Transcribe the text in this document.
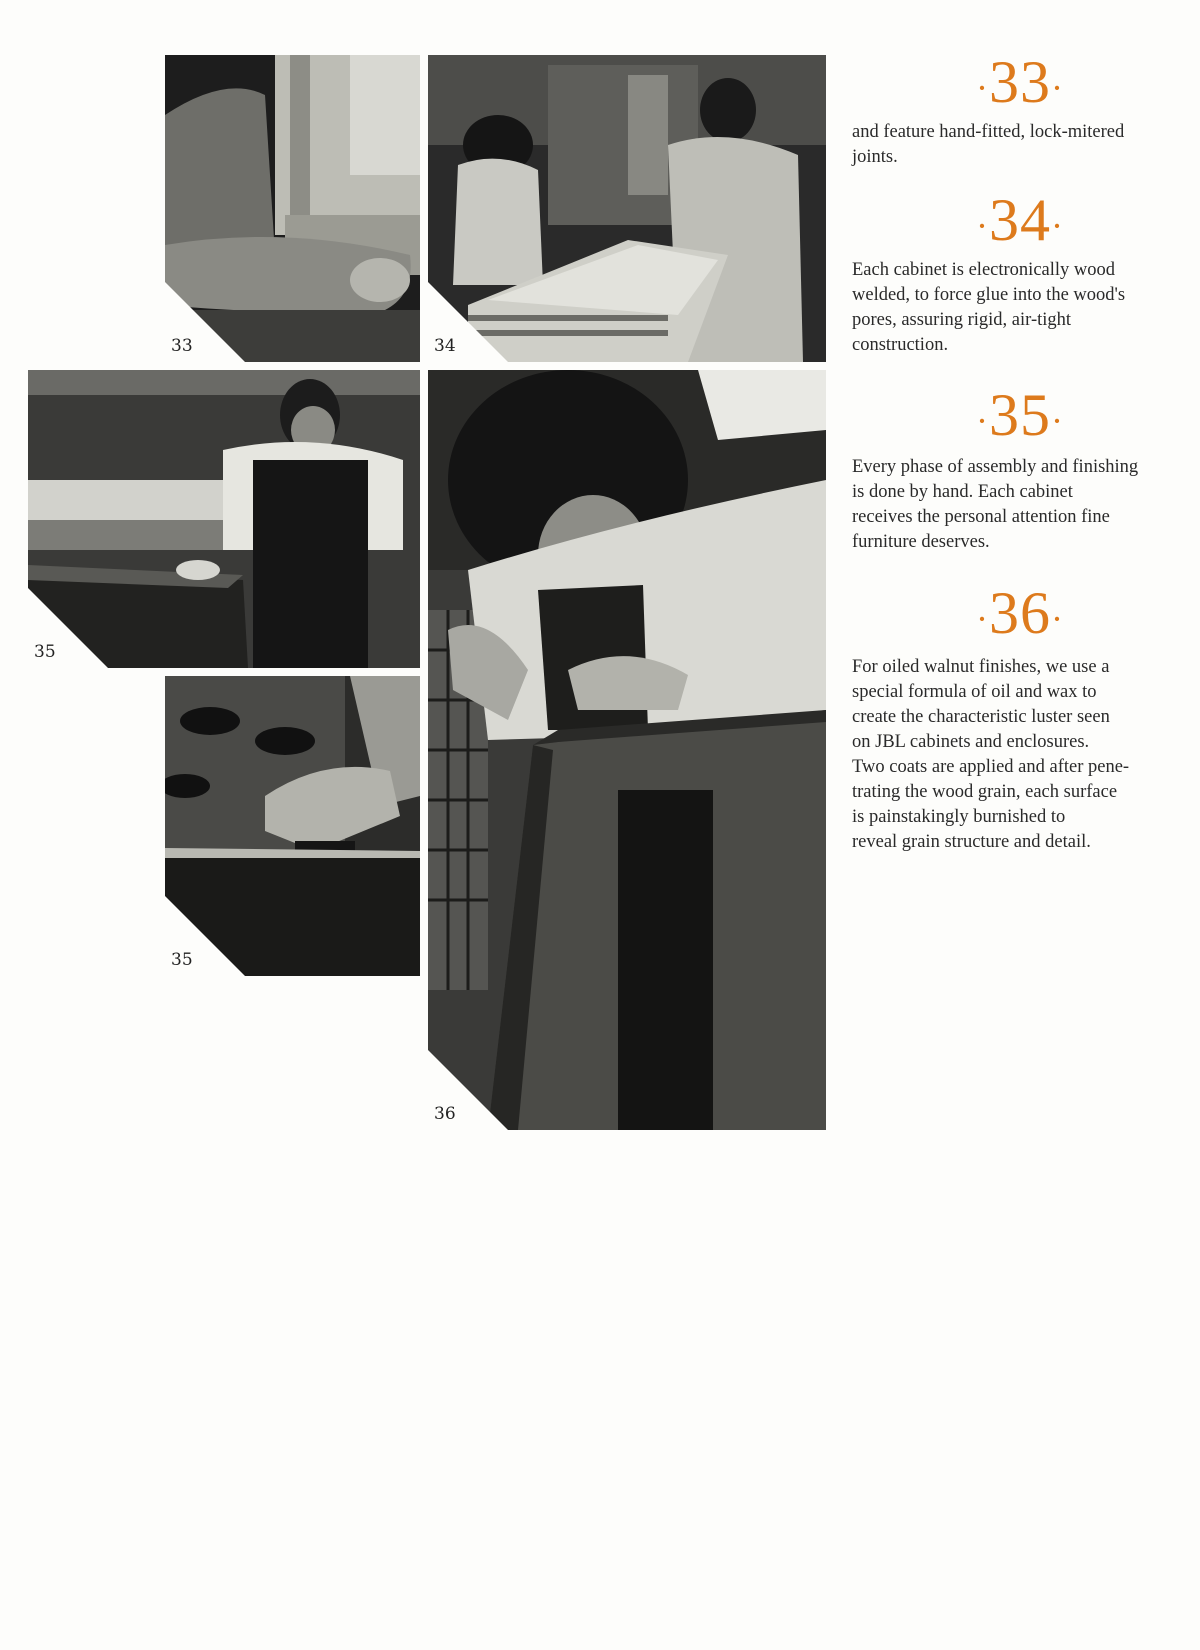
33	34
35
35
36
·33·
and feature hand-fitted, lock-mitered
joints.
·34·
Each cabinet is electronically wood
welded, to force glue into the wood's
pores, assuring rigid, air-tight
construction.
·35·
Every phase of assembly and finishing
is done by hand. Each cabinet
receives the personal attention fine
furniture deserves.
·36·
For oiled walnut finishes, we use a
special formula of oil and wax to
create the characteristic luster seen
on JBL cabinets and enclosures.
Two coats are applied and after pene-
trating the wood grain, each surface
is painstakingly burnished to
reveal grain structure and detail.
